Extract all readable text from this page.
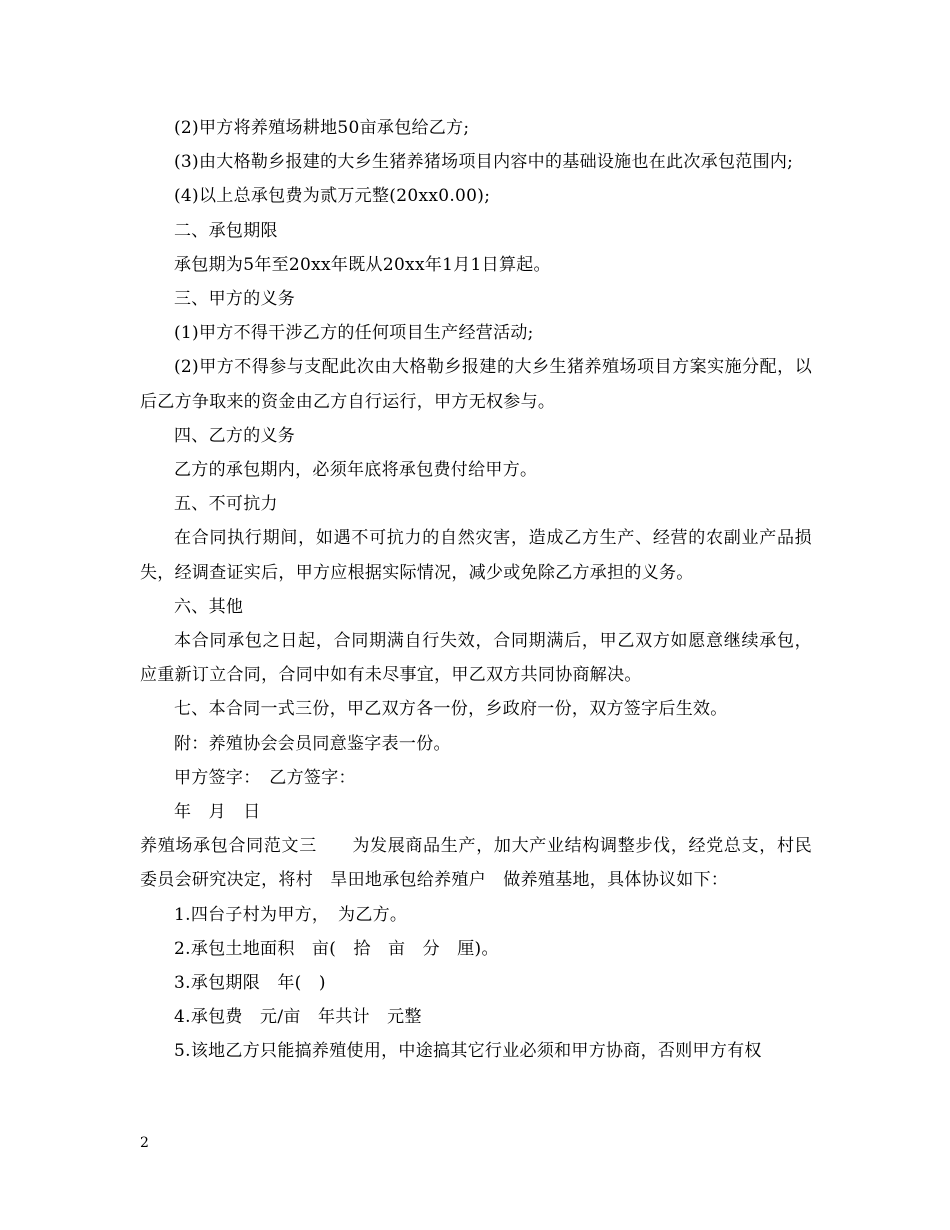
(2)甲方将养殖场耕地50亩承包给乙方;

(3)由大格勒乡报建的大乡生猪养猪场项目内容中的基础设施也在此次承包范围内;

(4)以上总承包费为贰万元整(20xx0.00);

二、承包期限

承包期为5年至20xx年既从20xx年1月1日算起。

三、甲方的义务

(1)甲方不得干涉乙方的任何项目生产经营活动;

(2)甲方不得参与支配此次由大格勒乡报建的大乡生猪养殖场项目方案实施分配，以后乙方争取来的资金由乙方自行运行，甲方无权参与。

四、乙方的义务

乙方的承包期内，必须年底将承包费付给甲方。

五、不可抗力

在合同执行期间，如遇不可抗力的自然灾害，造成乙方生产、经营的农副业产品损失，经调查证实后，甲方应根据实际情况，减少或免除乙方承担的义务。

六、其他

本合同承包之日起，合同期满自行失效，合同期满后，甲乙双方如愿意继续承包，应重新订立合同，合同中如有未尽事宜，甲乙双方共同协商解决。

七、本合同一式三份，甲乙双方各一份，乡政府一份，双方签字后生效。

附：养殖协会会员同意鉴字表一份。

甲方签字：　乙方签字：

年　月　日

养殖场承包合同范文三　　为发展商品生产，加大产业结构调整步伐，经党总支，村民委员会研究决定，将村　旱田地承包给养殖户　做养殖基地，具体协议如下：

1.四台子村为甲方，　为乙方。

2.承包土地面积　亩(　拾　亩　分　厘)。

3.承包期限　年(　)

4.承包费　元/亩　年共计　元整

5.该地乙方只能搞养殖使用，中途搞其它行业必须和甲方协商，否则甲方有权

2
